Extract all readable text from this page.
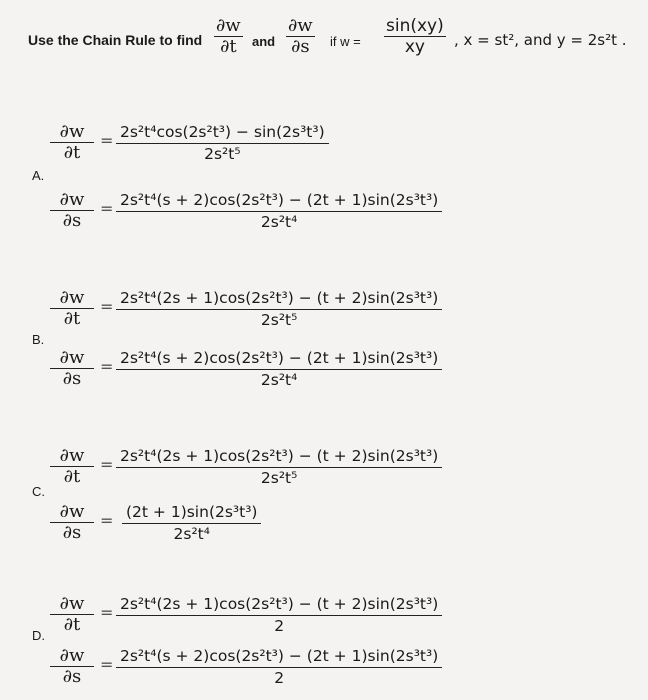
Use the Chain Rule to find $\frac{\partial w}{\partial t}$ and $\frac{\partial w}{\partial s}$ if $w = \frac{\sin(xy)}{xy}$ , x = st², and y = 2s²t .
A.
∂w
∂t
= 2s²t⁴cos(2s²t³) − sin(2s³t³)
2s²t⁵
∂w
∂s
= 2s²t⁴(s + 2)cos(2s²t³) − (2t + 1)sin(2s³t³)
2s²t⁴
B.
∂w
∂t
= 2s²t⁴(2s + 1)cos(2s²t³) − (t + 2)sin(2s³t³)
2s²t⁵
∂w
∂s
= 2s²t⁴(s + 2)cos(2s²t³) − (2t + 1)sin(2s³t³)
2s²t⁴
C.
∂w
∂t
= 2s²t⁴(2s + 1)cos(2s²t³) − (t + 2)sin(2s³t³)
2s²t⁵
∂w
∂s
= (2t + 1)sin(2s³t³)
2s²t⁴
D.
∂w
∂t
= 2s²t⁴(2s + 1)cos(2s²t³) − (t + 2)sin(2s³t³)
2
∂w
∂s
= 2s²t⁴(s + 2)cos(2s²t³) − (2t + 1)sin(2s³t³)
2
